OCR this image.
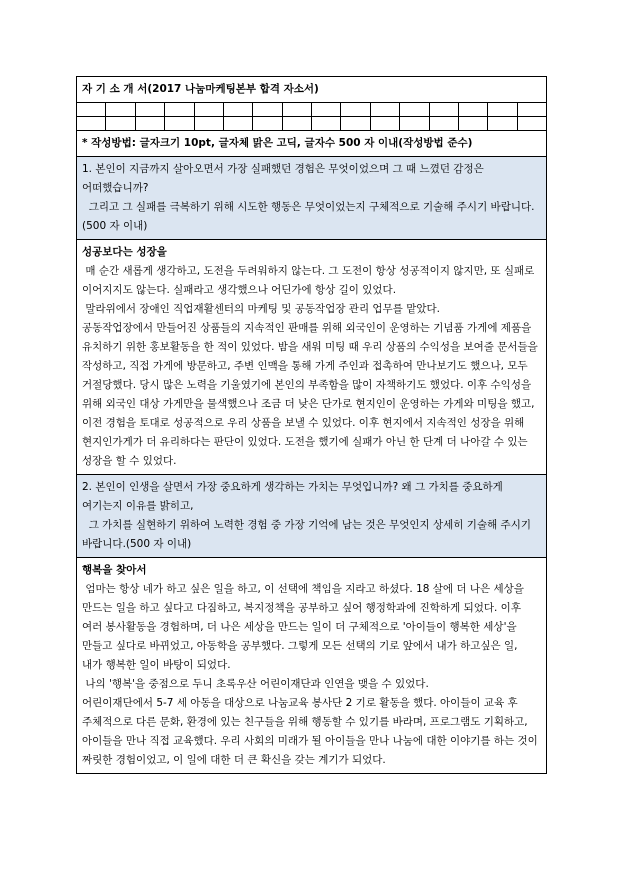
자 기 소 개 서(2017 나눔마케팅본부 합격 자소서)															

* 작성방법: 글자크기 10pt, 글자체 맑은 고딕, 글자수 500 자 이내(작성방법 준수)															

1. 본인이 지금까지 살아오면서 가장 실패했던 경험은 무엇이었으며 그 때 느꼈던 감정은 어떠했습니까?

그리고 그 실패를 극복하기 위해 시도한 행동은 무엇이었는지 구체적으로 기술해 주시기 바랍니다.(500 자 이내)															

성공보다는 성장을

매 순간 새롭게 생각하고, 도전을 두려워하지 않는다. 그 도전이 항상 성공적이지 않지만, 또 실패로 이어지지도 않는다. 실패라고 생각했으나 어딘가에 항상 길이 있었다.

말라위에서 장애인 직업재활센터의 마케팅 및 공동작업장 관리 업무를 맡았다.

공동작업장에서 만들어진 상품들의 지속적인 판매를 위해 외국인이 운영하는 기념품 가게에 제품을 유치하기 위한 홍보활동을 한 적이 있었다. 밤을 새워 미팅 때 우리 상품의 수익성을 보여줄 문서들을 작성하고, 직접 가게에 방문하고, 주변 인맥을 통해 가게 주인과 접촉하여 만나보기도 했으나, 모두 거절당했다. 당시 많은 노력을 기울였기에 본인의 부족함을 많이 자책하기도 했었다. 이후 수익성을 위해 외국인 대상 가게만을 물색했으나 조금 더 낮은 단가로 현지인이 운영하는 가게와 미팅을 했고, 이전 경험을 토대로 성공적으로 우리 상품을 보낼 수 있었다. 이후 현지에서 지속적인 성장을 위해 현지인가게가 더 유리하다는 판단이 있었다. 도전을 했기에 실패가 아닌 한 단계 더 나아갈 수 있는 성장을 할 수 있었다.															

2. 본인이 인생을 살면서 가장 중요하게 생각하는 가치는 무엇입니까? 왜 그 가치를 중요하게 여기는지 이유를 밝히고,

그 가치를 실현하기 위하여 노력한 경험 중 가장 기억에 남는 것은 무엇인지 상세히 기술해 주시기 바랍니다.(500 자 이내)															

행복을 찾아서

엄마는 항상 네가 하고 싶은 일을 하고, 이 선택에 책임을 지라고 하셨다. 18 살에 더 나은 세상을 만드는 일을 하고 싶다고 다짐하고, 복지정책을 공부하고 싶어 행정학과에 진학하게 되었다. 이후 여러 봉사활동을 경험하며, 더 나은 세상을 만드는 일이 더 구체적으로 '아이들이 행복한 세상'을 만들고 싶다로 바뀌었고, 아동학을 공부했다. 그렇게 모든 선택의 기로 앞에서 내가 하고싶은 일, 내가 행복한 일이 바탕이 되었다.

나의 '행복'을 중점으로 두니 초록우산 어린이재단과 인연을 맺을 수 있었다.

어린이재단에서 5-7 세 아동을 대상으로 나눔교육 봉사단 2 기로 활동을 했다. 아이들이 교육 후 주체적으로 다른 문화, 환경에 있는 친구들을 위해 행동할 수 있기를 바라며, 프로그램도 기획하고, 아이들을 만나 직접 교육했다. 우리 사회의 미래가 될 아이들을 만나 나눔에 대한 이야기를 하는 것이 짜릿한 경험이었고, 이 일에 대한 더 큰 확신을 갖는 계기가 되었다.															
